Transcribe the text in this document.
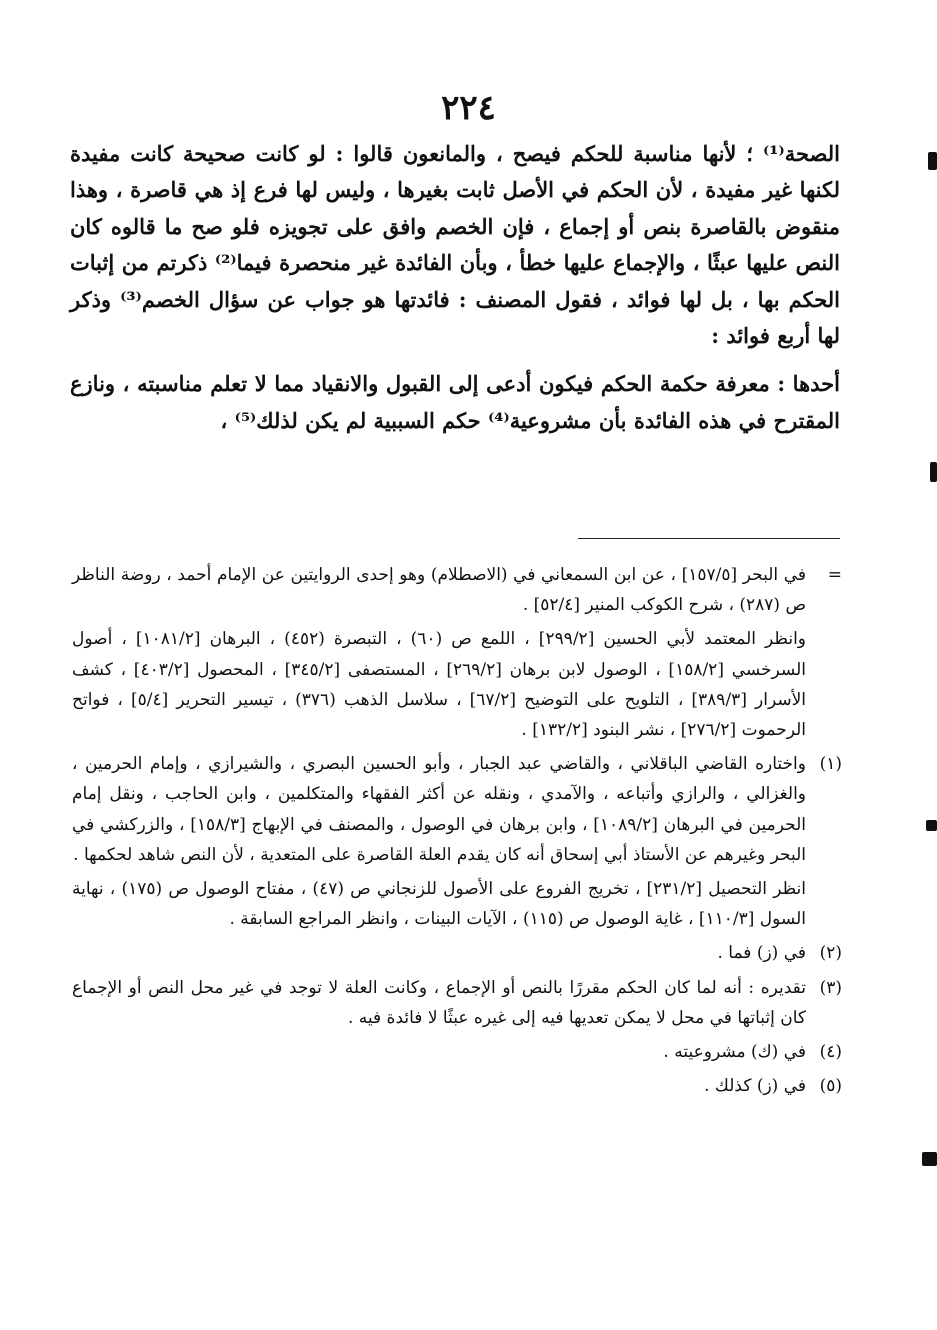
٢٢٤

الصحة⁽¹⁾ ؛ لأنها مناسبة للحكم فيصح ، والمانعون قالوا : لو كانت صحيحة كانت مفيدة لكنها غير مفيدة ، لأن الحكم في الأصل ثابت بغيرها ، وليس لها فرع إذ هي قاصرة ، وهذا منقوض بالقاصرة بنص أو إجماع ، فإن الخصم وافق على تجويزه فلو صح ما قالوه كان النص عليها عبثًا ، والإجماع عليها خطأ ، وبأن الفائدة غير منحصرة فيما⁽²⁾ ذكرتم من إثبات الحكم بها ، بل لها فوائد ، فقول المصنف : فائدتها هو جواب عن سؤال الخصم⁽³⁾ وذكر لها أربع فوائد :

أحدها : معرفة حكمة الحكم فيكون أدعى إلى القبول والانقياد مما لا تعلم مناسبته ، ونازع المقترح في هذه الفائدة بأن مشروعية⁽⁴⁾ حكم السببية لم يكن لذلك⁽⁵⁾ ،

=
في البحر [١٥٧/٥] ، عن ابن السمعاني في (الاصطلام) وهو إحدى الروايتين عن الإمام أحمد ، روضة الناظر ص (٢٨٧) ، شرح الكوكب المنير [٥٢/٤] .
وانظر المعتمد لأبي الحسين [٢٩٩/٢] ، اللمع ص (٦٠) ، التبصرة (٤٥٢) ، البرهان [١٠٨١/٢] ، أصول السرخسي [١٥٨/٢] ، الوصول لابن برهان [٢٦٩/٢] ، المستصفى [٣٤٥/٢] ، المحصول [٤٠٣/٢] ، كشف الأسرار [٣٨٩/٣] ، التلويح على التوضيح [٦٧/٢] ، سلاسل الذهب (٣٧٦) ، تيسير التحرير [٥/٤] ، فواتح الرحموت [٢٧٦/٢] ، نشر البنود [١٣٢/٢] .
(١)
واختاره القاضي الباقلاني ، والقاضي عبد الجبار ، وأبو الحسين البصري ، والشيرازي ، وإمام الحرمين ، والغزالي ، والرازي وأتباعه ، والآمدي ، ونقله عن أكثر الفقهاء والمتكلمين ، وابن الحاجب ، ونقل إمام الحرمين في البرهان [١٠٨٩/٢] ، وابن برهان في الوصول ، والمصنف في الإبهاج [١٥٨/٣] ، والزركشي في البحر وغيرهم عن الأستاذ أبي إسحاق أنه كان يقدم العلة القاصرة على المتعدية ، لأن النص شاهد لحكمها .
انظر التحصيل [٢٣١/٢] ، تخريج الفروع على الأصول للزنجاني ص (٤٧) ، مفتاح الوصول ص (١٧٥) ، نهاية السول [١١٠/٣] ، غاية الوصول ص (١١٥) ، الآيات البينات ، وانظر المراجع السابقة .
(٢)
في (ز) فما .
(٣)
تقديره : أنه لما كان الحكم مقررًا بالنص أو الإجماع ، وكانت العلة لا توجد في غير محل النص أو الإجماع كان إثباتها في محل لا يمكن تعديها فيه إلى غيره عبثًا لا فائدة فيه .
(٤)
في (ك) مشروعيته .
(٥)
في (ز) كذلك .
